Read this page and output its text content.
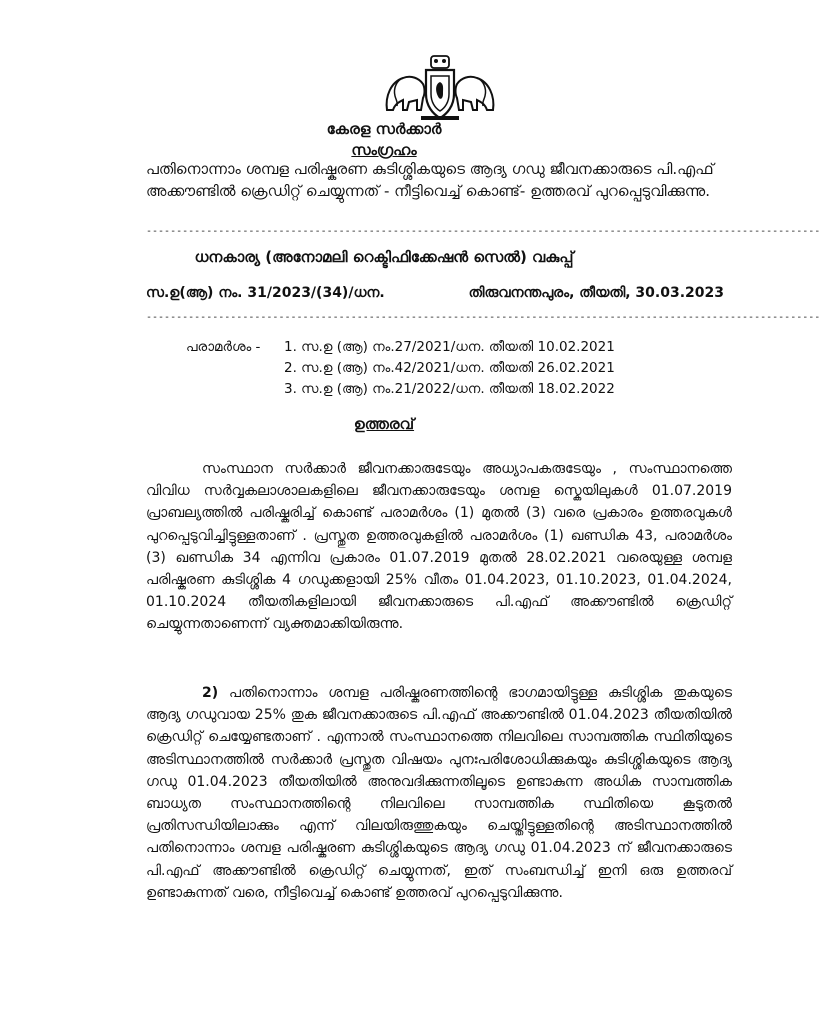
കേരള സർക്കാർ
സംഗ്രഹം
പതിനൊന്നാം ശമ്പള പരിഷ്കരണ കുടിശ്ശികയുടെ ആദ്യ ഗഡു ജീവനക്കാരുടെ പി.എഫ് അക്കൗണ്ടിൽ ക്രെഡിറ്റ് ചെയ്യുന്നത് - നീട്ടിവെച്ച് കൊണ്ട്- ഉത്തരവ് പുറപ്പെടുവിക്കുന്നു.
----------------------------------------------------------------------------------------------------------------
ധനകാര്യ (അനോമലി റെക്ടിഫിക്കേഷൻ സെൽ) വകുപ്പ്
സ.ഉ(ആ) നം. 31/2023/(34)/ധന.	തിരുവനന്തപുരം, തീയതി, 30.03.2023
----------------------------------------------------------------------------------------------------------------
പരാമർശം -	1. സ.ഉ (ആ) നം.27/2021/ധന. തീയതി 10.02.2021
2. സ.ഉ (ആ) നം.42/2021/ധന. തീയതി 26.02.2021
3. സ.ഉ (ആ) നം.21/2022/ധന. തീയതി 18.02.2022
ഉത്തരവ്

സംസ്ഥാന സർക്കാർ ജീവനക്കാരുടേയും അധ്യാപകരുടേയും , സംസ്ഥാനത്തെ വിവിധ സർവ്വകലാശാലകളിലെ ജീവനക്കാരുടേയും ശമ്പള സ്കെയിലുകൾ 01.07.2019 പ്രാബല്യത്തിൽ പരിഷ്കരിച്ച് കൊണ്ട് പരാമർശം (1) മുതൽ (3) വരെ പ്രകാരം ഉത്തരവുകൾ പുറപ്പെടുവിച്ചിട്ടുള്ളതാണ് . പ്രസ്തുത ഉത്തരവുകളിൽ പരാമർശം (1) ഖണ്ഡിക 43, പരാമർശം (3) ഖണ്ഡിക 34 എന്നിവ പ്രകാരം 01.07.2019 മുതൽ 28.02.2021 വരെയുള്ള ശമ്പള പരിഷ്കരണ കുടിശ്ശിക 4 ഗഡുക്കളായി 25% വീതം 01.04.2023, 01.10.2023, 01.04.2024, 01.10.2024 തീയതികളിലായി ജീവനക്കാരുടെ പി.എഫ് അക്കൗണ്ടിൽ ക്രെഡിറ്റ് ചെയ്യുന്നതാണെന്ന് വ്യക്തമാക്കിയിരുന്നു.

2) പതിനൊന്നാം ശമ്പള പരിഷ്കരണത്തിന്റെ ഭാഗമായിട്ടുള്ള കുടിശ്ശിക തുകയുടെ ആദ്യ ഗഡുവായ 25% തുക ജീവനക്കാരുടെ പി.എഫ് അക്കൗണ്ടിൽ 01.04.2023 തീയതിയിൽ ക്രെഡിറ്റ് ചെയ്യേണ്ടതാണ് . എന്നാൽ സംസ്ഥാനത്തെ നിലവിലെ സാമ്പത്തിക സ്ഥിതിയുടെ അടിസ്ഥാനത്തിൽ സർക്കാർ പ്രസ്തുത വിഷയം പുനഃപരിശോധിക്കുകയും കുടിശ്ശികയുടെ ആദ്യ ഗഡു 01.04.2023 തീയതിയിൽ അനുവദിക്കുന്നതിലൂടെ ഉണ്ടാകുന്ന അധിക സാമ്പത്തിക ബാധ്യത സംസ്ഥാനത്തിന്റെ നിലവിലെ സാമ്പത്തിക സ്ഥിതിയെ കൂടുതൽ പ്രതിസന്ധിയിലാക്കും എന്ന് വിലയിരുത്തുകയും ചെയ്തിട്ടുള്ളതിന്റെ അടിസ്ഥാനത്തിൽ പതിനൊന്നാം ശമ്പള പരിഷ്കരണ കുടിശ്ശികയുടെ ആദ്യ ഗഡു 01.04.2023 ന് ജീവനക്കാരുടെ പി.എഫ് അക്കൗണ്ടിൽ ക്രെഡിറ്റ് ചെയ്യുന്നത്, ഇത് സംബന്ധിച്ച് ഇനി ഒരു ഉത്തരവ് ഉണ്ടാകുന്നത് വരെ, നീട്ടിവെച്ച് കൊണ്ട് ഉത്തരവ് പുറപ്പെടുവിക്കുന്നു.
